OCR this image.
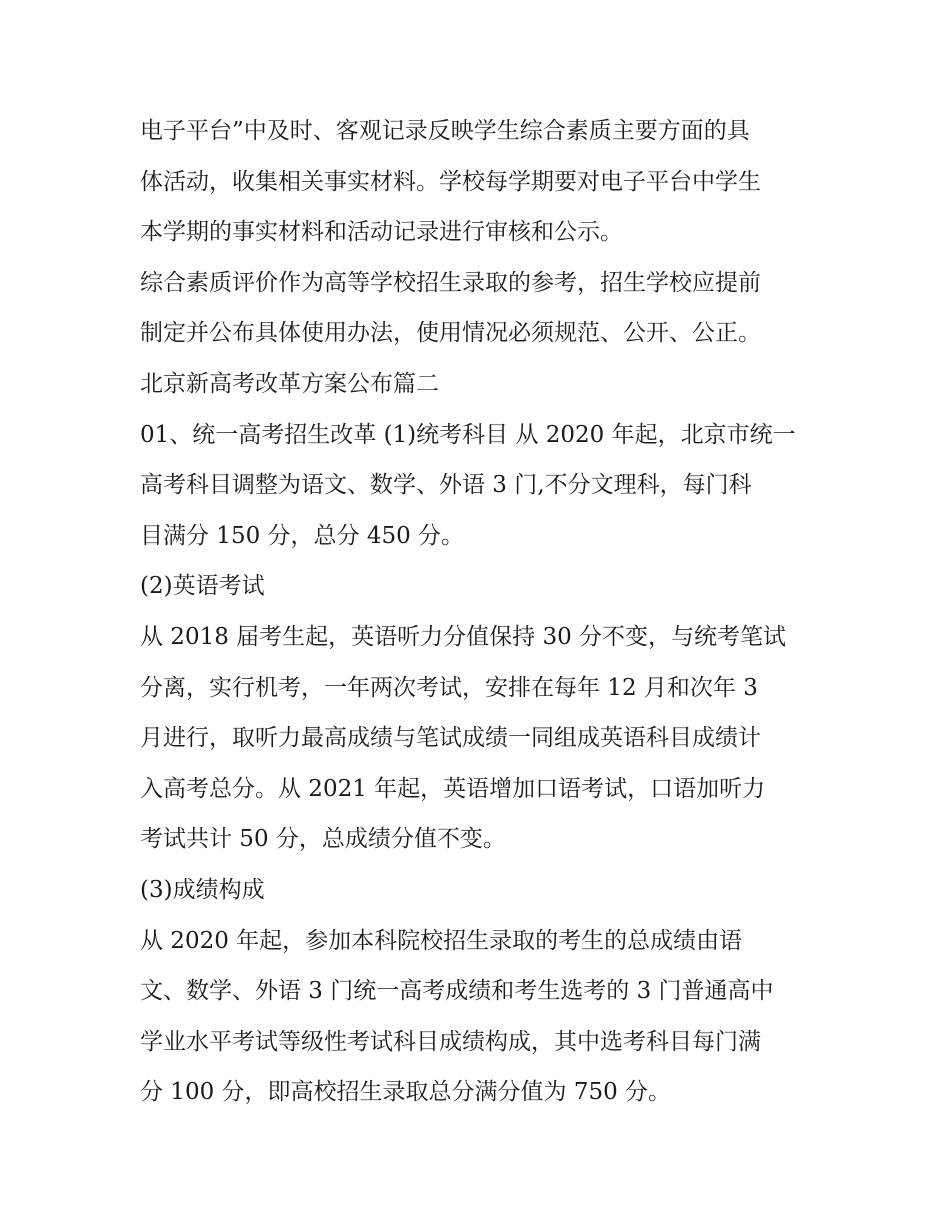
电子平台”中及时、客观记录反映学生综合素质主要方面的具
体活动，收集相关事实材料。学校每学期要对电子平台中学生
本学期的事实材料和活动记录进行审核和公示。
综合素质评价作为高等学校招生录取的参考，招生学校应提前
制定并公布具体使用办法，使用情况必须规范、公开、公正。
北京新高考改革方案公布篇二
01、统一高考招生改革 (1)统考科目 从 2020 年起，北京市统一
高考科目调整为语文、数学、外语 3 门,不分文理科，每门科
目满分 150 分，总分 450 分。
(2)英语考试
从 2018 届考生起，英语听力分值保持 30 分不变，与统考笔试
分离，实行机考，一年两次考试，安排在每年 12 月和次年 3
月进行，取听力最高成绩与笔试成绩一同组成英语科目成绩计
入高考总分。从 2021 年起，英语增加口语考试，口语加听力
考试共计 50 分，总成绩分值不变。
(3)成绩构成
从 2020 年起，参加本科院校招生录取的考生的总成绩由语
文、数学、外语 3 门统一高考成绩和考生选考的 3 门普通高中
学业水平考试等级性考试科目成绩构成，其中选考科目每门满
分 100 分，即高校招生录取总分满分值为 750 分。
